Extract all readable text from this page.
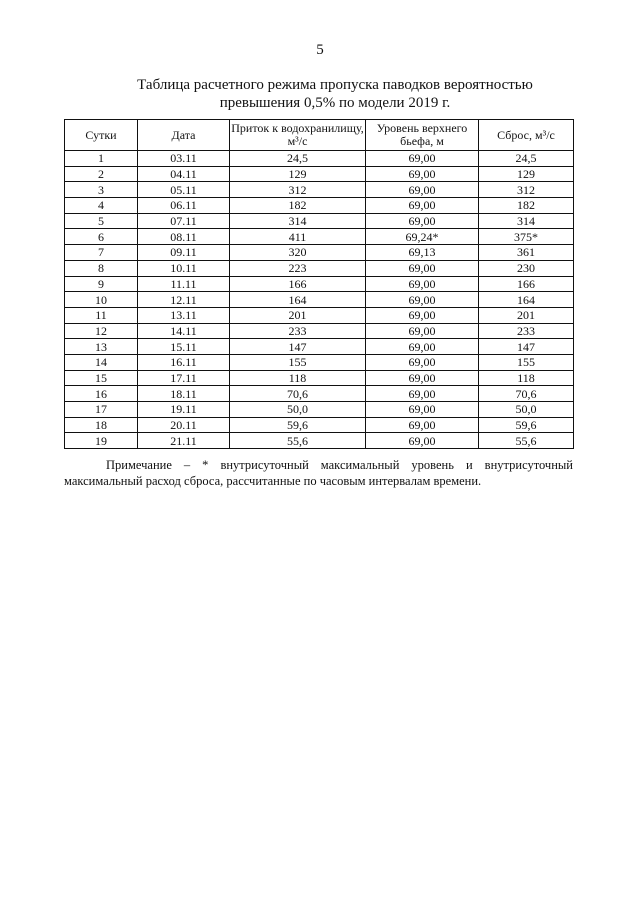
5
Таблица расчетного режима пропуска паводков вероятностью
превышения 0,5% по модели 2019 г.
Сутки	Дата	Приток к водохранилищу, м³/с	Уровень верхнего бьефа, м	Сброс, м³/с
1	03.11	24,5	69,00	24,5
2	04.11	129	69,00	129
3	05.11	312	69,00	312
4	06.11	182	69,00	182
5	07.11	314	69,00	314
6	08.11	411	69,24*	375*
7	09.11	320	69,13	361
8	10.11	223	69,00	230
9	11.11	166	69,00	166
10	12.11	164	69,00	164
11	13.11	201	69,00	201
12	14.11	233	69,00	233
13	15.11	147	69,00	147
14	16.11	155	69,00	155
15	17.11	118	69,00	118
16	18.11	70,6	69,00	70,6
17	19.11	50,0	69,00	50,0
18	20.11	59,6	69,00	59,6
19	21.11	55,6	69,00	55,6
Примечание – * внутрисуточный максимальный уровень и внутрисуточный
максимальный расход сброса, рассчитанные по часовым интервалам времени.
